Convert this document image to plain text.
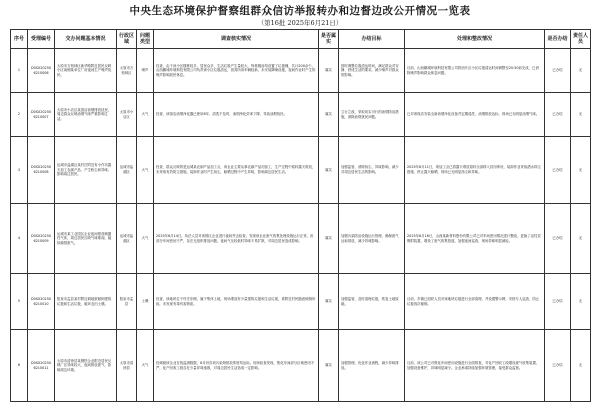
中央生态环境保护督察组群众信访举报转办和边督边改公开情况一览表
（第16批 2025年6月21日）
序号	受理编号	交办问题基本情况	行政区域	问题类型	调查核实情况	是否属实	办结目标	处理和整改情况	是否办结	责任人员
1	D0SX202506210006	太原市万柏林区新华路附近居民反映小区南侧某单位厂房夜间生产噪声扰民。	太原市万柏林区	噪声	经查，由于该小区楼栋较多，居民众多，生活垃圾产生量较大，每栋楼前均设置了垃圾桶，共计200余个。山西鹏城环境科技有限公司负责该小区垃圾清运，因其所用车辆较新，未安装降噪设施，夜间作业时产生的噪声影响居民休息。	属实	按时调整垃圾清运时间，满足群众对安静、舒适生活的要求。减少噪声对群众的影响。	目前，山西鹏城环境科技有限公司将西片区小区垃圾清运时间调整至20:30前完成，已消除噪声影响群众休息问题。	已办结	无
2	D0SX202506210007	太原市小店区某饭店油烟排放扰民，周边群众反映油烟气味严重影响生活。	太原市小店区	大气	经查，该饭店油烟净化器已使用6年，清洗不及时，油烟净化效率下降，导致油烟扰民。	属实	立行立改，采取切实可行的油烟防治措施，消除油烟扰民问题。	已对该饭店安装全新油烟净化设备并定期清洗，油烟排放达标，现场已无明显油烟气味。	已办结	无
3	D0SX202506210008	运城市盐湖区某村庄附近有小作坊露天加工农副产品，产生粉尘和异味，影响周边居民。	运城市盐湖区	大气	经查，群众反映的是运城某农副产品加工点，该企业主要从事农副产品初加工，生产过程中原料露天堆放，未采取有效防尘措施，装卸作业时产生扬尘，晾晒过程中产生异味，影响周边居民生活。	属实	加强监管，消除扬尘、异味影响，减少对周边居民生活的影响。	2025年6月11日，该加工点已将露天堆放原料全部移入封闭库房，装卸作业采取洒水抑尘措施，停止露天晾晒，现场已无明显扬尘和异味。	已办结	无
4	D0SX202506210009	运城市某工业园区企业夜间排放刺激性气体，周边居民反映气味难闻，疑似偷排废气。	运城市盐湖区	大气	2025年6月14日，执法人员对该园区企业进行夜间突击检查，发现该企业废气收集处理设施运行正常，但部分车间密闭不严，存在无组织排放问题，夜间气压较低时异味不易扩散，对周边居民造成影响。	属实	加强污染防治设施运行管理，确保废气达标排放，减少异味影响。	2025年6月16日，山西某新材料股份有限公司已对车间密闭情况进行整改，更换了活性炭吸附装置，增设了废气收集管道，加强夜间巡查，现场异味明显减轻。	已办结	无
5	D0SX202506210010	阳泉市盂县某村附近耕地被倾倒建筑垃圾和生活垃圾，破坏农田土壤。	阳泉市盂县	土壤	经查，该地块位于村庄东侧，属于集体土地，现场堆放有少量建筑垃圾和生活垃圾，系附近村民随意倾倒所致，未发现有毒有害物质。	属实	加强监管，及时清理垃圾，恢复土地原貌。	目前，乡镇已组织人员对该地块垃圾进行全部清理，并设置警示牌，安排专人巡查，防止垃圾再次倾倒。	已办结	无
6	D0SX202506210011	太原市清徐县某钢铁企业附近居民反映厂区异味较大，夜间排放废气，影响周边环境。	太原市清徐县	大气	经调阅该企业在线监测数据，6月份各项污染物排放浓度均达标。现场检查发现，焦化车间部分区域密闭不严，化产回收工段存在少量异味逸散，对周边居民生活造成一定影响。	属实	加强管理，优化作业流程，减少异味排放。	目前，该公司已对焦化车间密闭设施进行全面排查，对化产回收工段增设废气收集装置，加强设备维护，异味明显减少。企业承诺持续加强环境管理，接受群众监督。	已办结	无
